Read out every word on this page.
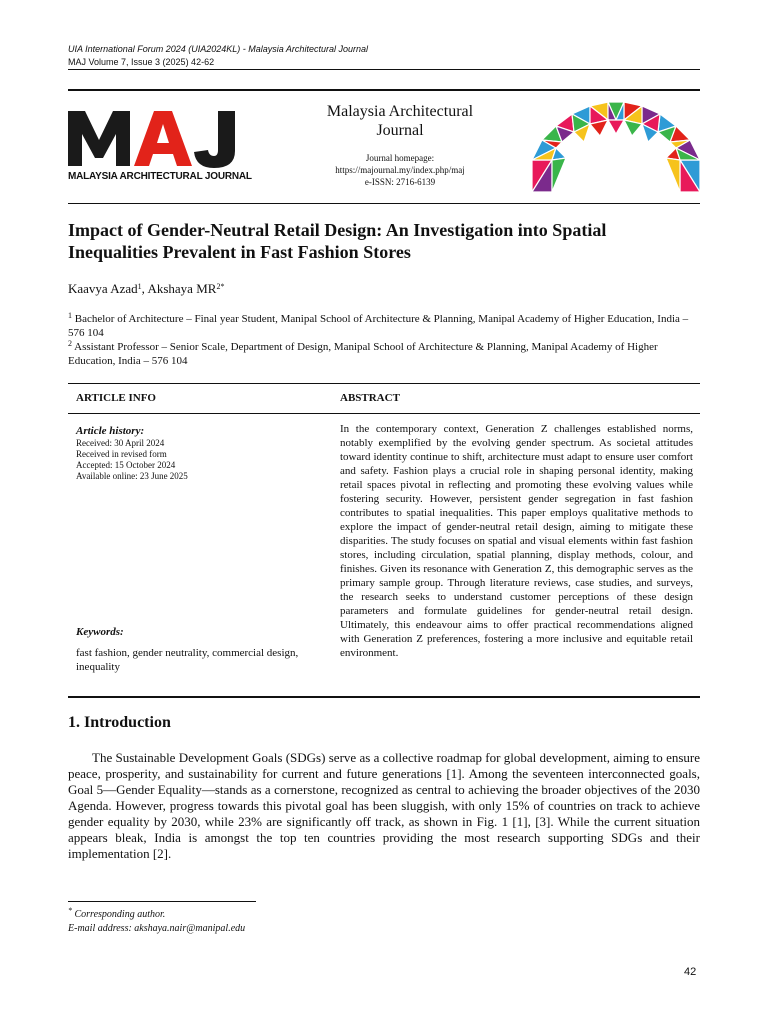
UIA International Forum 2024 (UIA2024KL) - Malaysia Architectural Journal
MAJ Volume 7, Issue 3 (2025) 42-62
MALAYSIA ARCHITECTURAL JOURNAL
Malaysia Architectural
Journal
Journal homepage:
https://majournal.my/index.php/maj
e-ISSN: 2716-6139
Impact of Gender-Neutral Retail Design: An Investigation into Spatial
Inequalities Prevalent in Fast Fashion Stores
Kaavya Azad$^1$, Akshaya $MR^{2*}$
$^1$ Bachelor of Architecture – Final year Student, Manipal School of Architecture & Planning, Manipal Academy of Higher Education, India – 576 104
$^2$ Assistant Professor – Senior Scale, Department of Design, Manipal School of Architecture & Planning, Manipal Academy of Higher Education, India – 576 104
ARTICLE INFO	ABSTRACT
Article history:
Received: 30 April 2024
Received in revised form
Accepted: 15 October 2024
Available online: 23 June 2025
Keywords:
fast fashion, gender neutrality, commercial design, inequality
In the contemporary context, Generation Z challenges established norms, notably exemplified by the evolving gender spectrum. As societal attitudes toward identity continue to shift, architecture must adapt to ensure user comfort and safety. Fashion plays a crucial role in shaping personal identity, making retail spaces pivotal in reflecting and promoting these evolving values while fostering security. However, persistent gender segregation in fast fashion contributes to spatial inequalities. This paper employs qualitative methods to explore the impact of gender-neutral retail design, aiming to mitigate these disparities. The study focuses on spatial and visual elements within fast fashion stores, including circulation, spatial planning, display methods, colour, and finishes. Given its resonance with Generation Z, this demographic serves as the primary sample group. Through literature reviews, case studies, and surveys, the research seeks to understand customer perceptions of these design parameters and formulate guidelines for gender-neutral retail design. Ultimately, this endeavour aims to offer practical recommendations aligned with Generation Z preferences, fostering a more inclusive and equitable retail environment.
1. Introduction
The Sustainable Development Goals (SDGs) serve as a collective roadmap for global development, aiming to ensure peace, prosperity, and sustainability for current and future generations [1]. Among the seventeen interconnected goals, Goal 5—Gender Equality—stands as a cornerstone, recognized as central to achieving the broader objectives of the 2030 Agenda. However, progress towards this pivotal goal has been sluggish, with only 15% of countries on track to achieve gender equality by 2030, while 23% are significantly off track, as shown in Fig. 1 [1], [3]. While the current situation appears bleak, India is amongst the top ten countries providing the most research supporting SDGs and their implementation [2].
* Corresponding author.
E-mail address: akshaya.nair@manipal.edu
42
